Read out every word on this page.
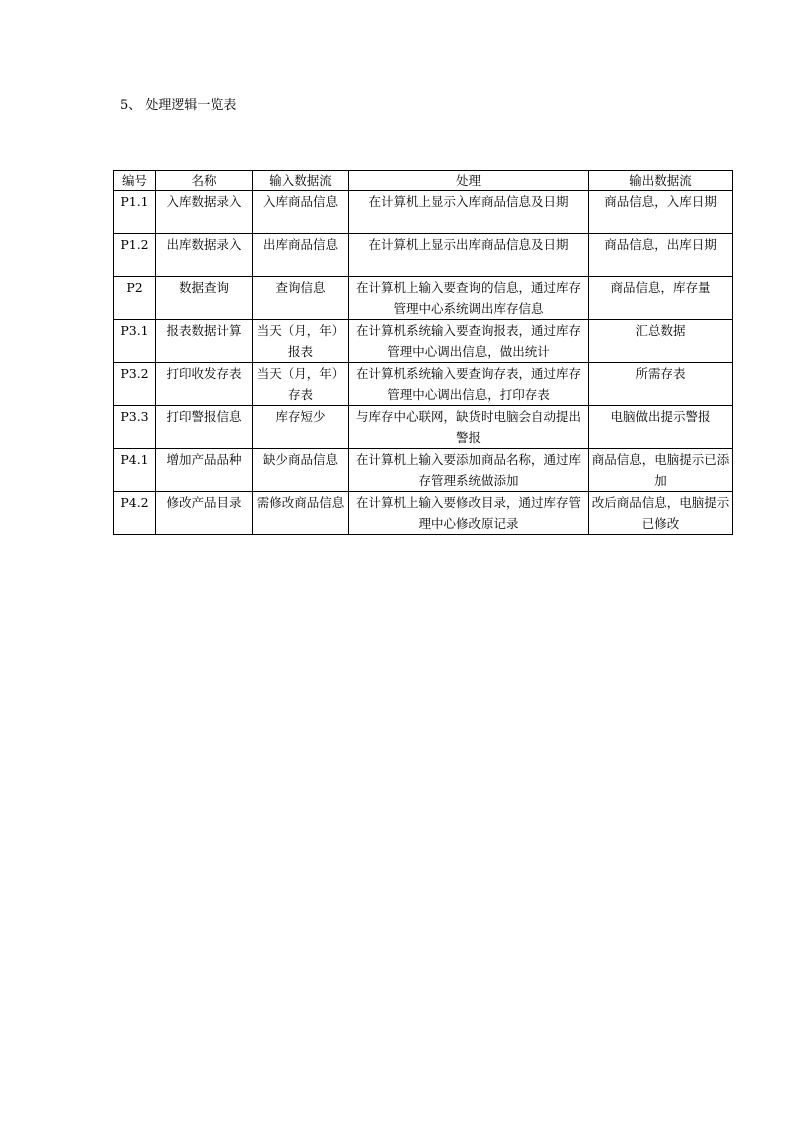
5、 处理逻辑一览表
编号	名称	输入数据流	处理	输出数据流
P1.1	入库数据录入	入库商品信息	在计算机上显示入库商品信息及日期	商品信息，入库日期
P1.2	出库数据录入	出库商品信息	在计算机上显示出库商品信息及日期	商品信息，出库日期
P2	数据查询	查询信息	在计算机上输入要查询的信息，通过库存管理中心系统调出库存信息	商品信息，库存量
P3.1	报表数据计算	当天（月，年）报表	在计算机系统输入要查询报表，通过库存管理中心调出信息，做出统计	汇总数据
P3.2	打印收发存表	当天（月，年）存表	在计算机系统输入要查询存表，通过库存管理中心调出信息，打印存表	所需存表
P3.3	打印警报信息	库存短少	与库存中心联网，缺货时电脑会自动提出警报	电脑做出提示警报
P4.1	增加产品品种	缺少商品信息	在计算机上输入要添加商品名称，通过库存管理系统做添加	商品信息，电脑提示已添加
P4.2	修改产品目录	需修改商品信息	在计算机上输入要修改目录，通过库存管理中心修改原记录	改后商品信息，电脑提示已修改
